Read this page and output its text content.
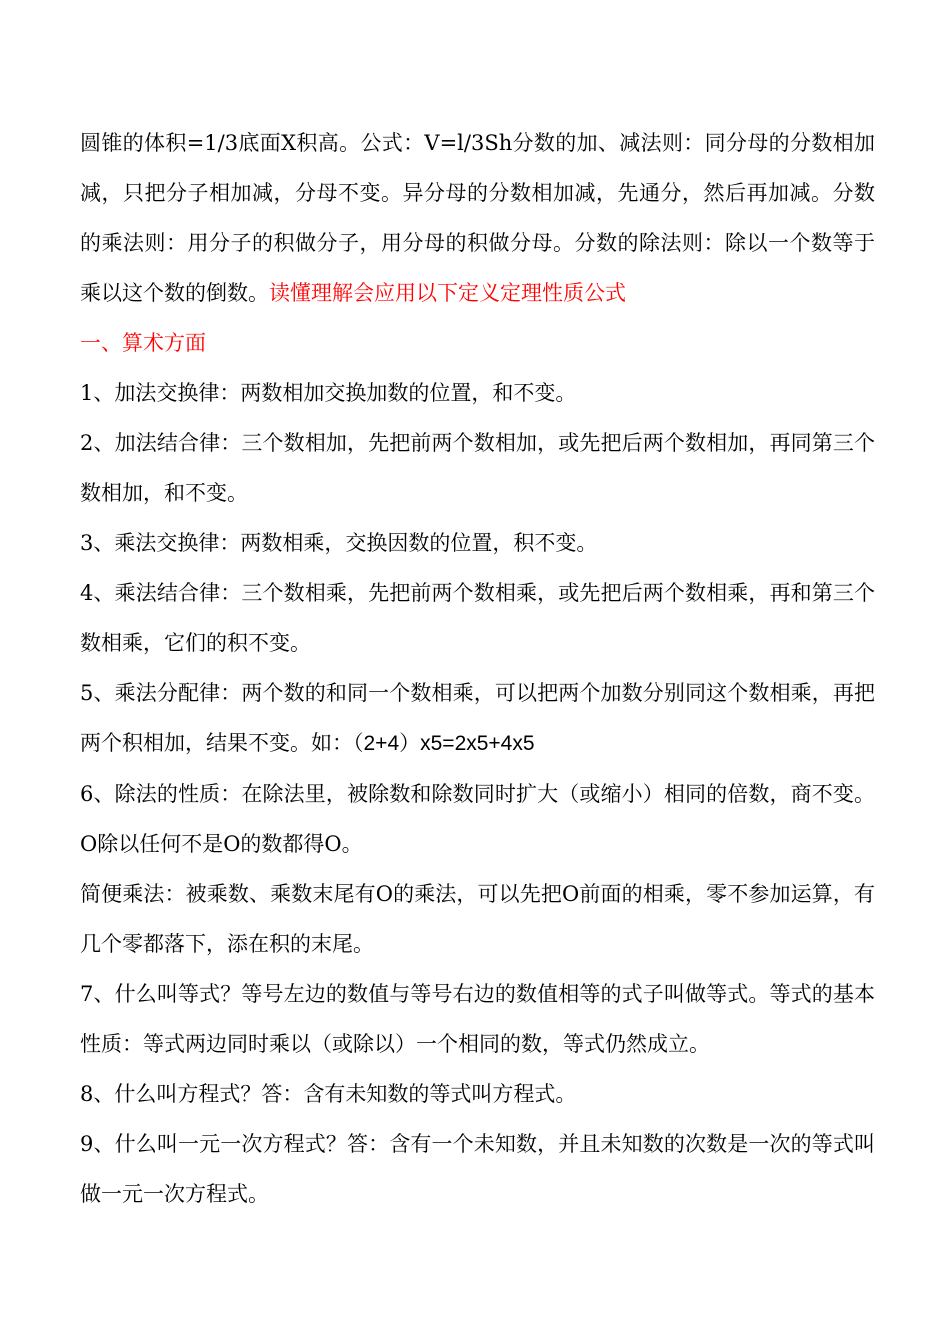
圆锥的体积=1/3底面X积高。公式：V=l/3Sh分数的加、减法则：同分母的分数相加减，只把分子相加减，分母不变。异分母的分数相加减，先通分，然后再加减。分数的乘法则：用分子的积做分子，用分母的积做分母。分数的除法则：除以一个数等于乘以这个数的倒数。读懂理解会应用以下定义定理性质公式

一、算术方面

1、加法交换律：两数相加交换加数的位置，和不变。

2、加法结合律：三个数相加，先把前两个数相加，或先把后两个数相加，再同第三个数相加，和不变。

3、乘法交换律：两数相乘，交换因数的位置，积不变。

4、乘法结合律：三个数相乘，先把前两个数相乘，或先把后两个数相乘，再和第三个数相乘，它们的积不变。

5、乘法分配律：两个数的和同一个数相乘，可以把两个加数分别同这个数相乘，再把两个积相加，结果不变。如：（2+4）x5=2x5+4x5

6、除法的性质：在除法里，被除数和除数同时扩大（或缩小）相同的倍数，商不变。O除以任何不是O的数都得O。

简便乘法：被乘数、乘数末尾有O的乘法，可以先把O前面的相乘，零不参加运算，有几个零都落下，添在积的末尾。

7、什么叫等式？等号左边的数值与等号右边的数值相等的式子叫做等式。等式的基本性质：等式两边同时乘以（或除以）一个相同的数，等式仍然成立。

8、什么叫方程式？答：含有未知数的等式叫方程式。

9、什么叫一元一次方程式？答：含有一个未知数，并且未知数的次数是一次的等式叫做一元一次方程式。
